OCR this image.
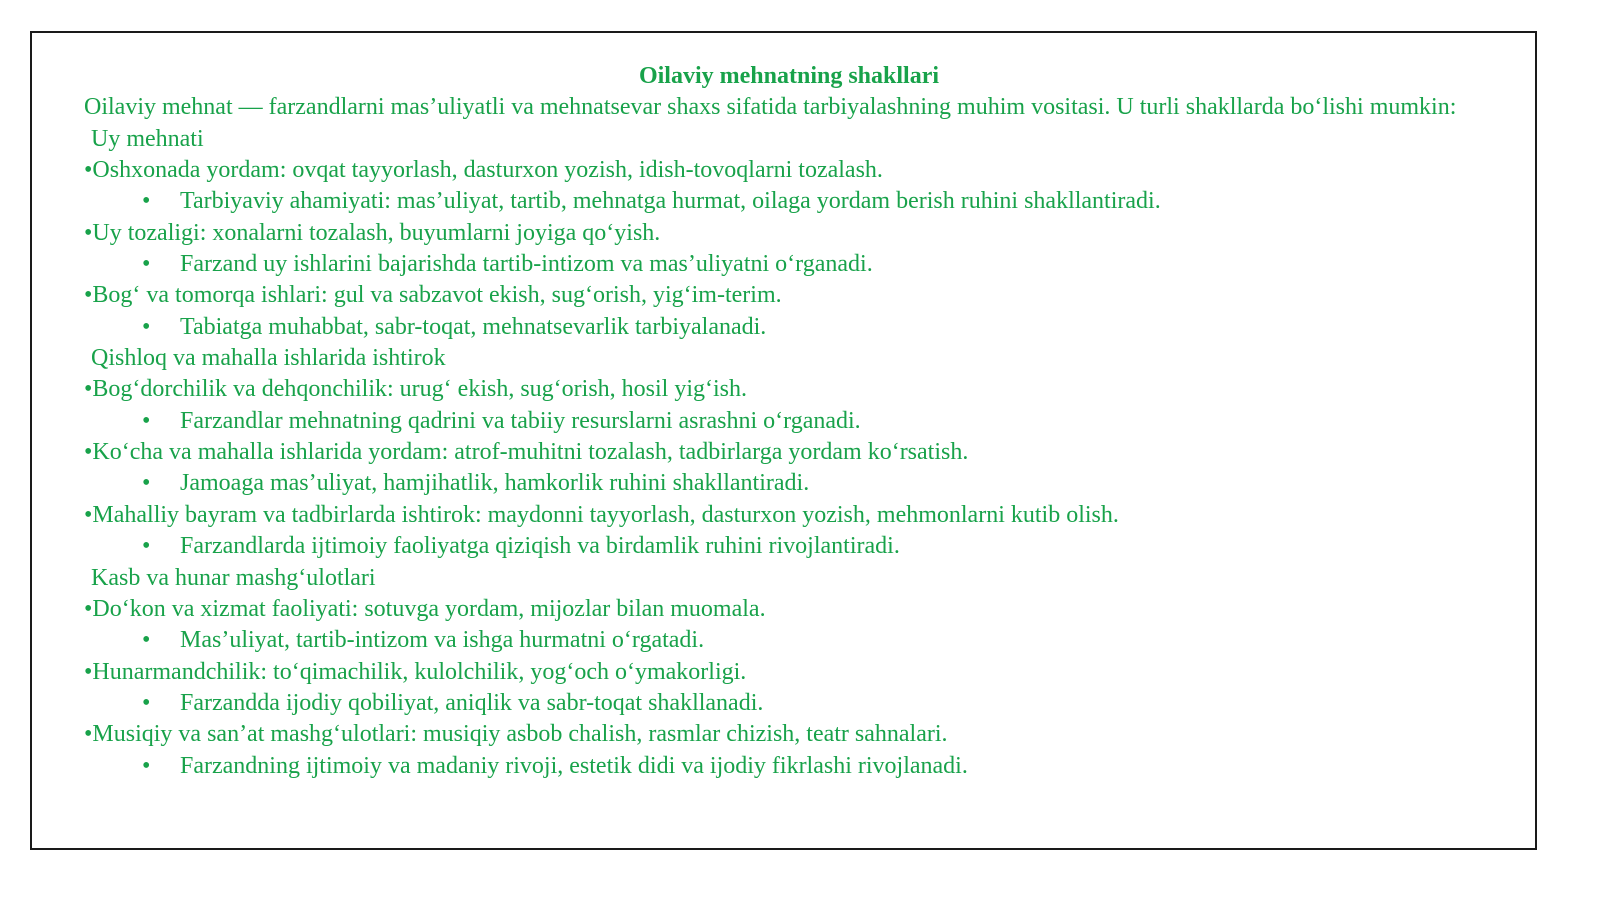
Oilaviy mehnatning shakllari

Oilaviy mehnat — farzandlarni mas’uliyatli va mehnatsevar shaxs sifatida tarbiyalashning muhim vositasi. U turli shakllarda bo‘lishi mumkin:

Uy mehnati

•Oshxonada yordam: ovqat tayyorlash, dasturxon yozish, idish-tovoqlarni tozalash.

• Tarbiyaviy ahamiyati: mas’uliyat, tartib, mehnatga hurmat, oilaga yordam berish ruhini shakllantiradi.

•Uy tozaligi: xonalarni tozalash, buyumlarni joyiga qo‘yish.

• Farzand uy ishlarini bajarishda tartib-intizom va mas’uliyatni o‘rganadi.

•Bog‘ va tomorqa ishlari: gul va sabzavot ekish, sug‘orish, yig‘im-terim.

• Tabiatga muhabbat, sabr-toqat, mehnatsevarlik tarbiyalanadi.

Qishloq va mahalla ishlarida ishtirok

•Bog‘dorchilik va dehqonchilik: urug‘ ekish, sug‘orish, hosil yig‘ish.

• Farzandlar mehnatning qadrini va tabiiy resurslarni asrashni o‘rganadi.

•Ko‘cha va mahalla ishlarida yordam: atrof-muhitni tozalash, tadbirlarga yordam ko‘rsatish.

• Jamoaga mas’uliyat, hamjihatlik, hamkorlik ruhini shakllantiradi.

•Mahalliy bayram va tadbirlarda ishtirok: maydonni tayyorlash, dasturxon yozish, mehmonlarni kutib olish.

• Farzandlarda ijtimoiy faoliyatga qiziqish va birdamlik ruhini rivojlantiradi.

Kasb va hunar mashg‘ulotlari

•Do‘kon va xizmat faoliyati: sotuvga yordam, mijozlar bilan muomala.

• Mas’uliyat, tartib-intizom va ishga hurmatni o‘rgatadi.

•Hunarmandchilik: to‘qimachilik, kulolchilik, yog‘och o‘ymakorligi.

• Farzandda ijodiy qobiliyat, aniqlik va sabr-toqat shakllanadi.

•Musiqiy va san’at mashg‘ulotlari: musiqiy asbob chalish, rasmlar chizish, teatr sahnalari.

• Farzandning ijtimoiy va madaniy rivoji, estetik didi va ijodiy fikrlashi rivojlanadi.
